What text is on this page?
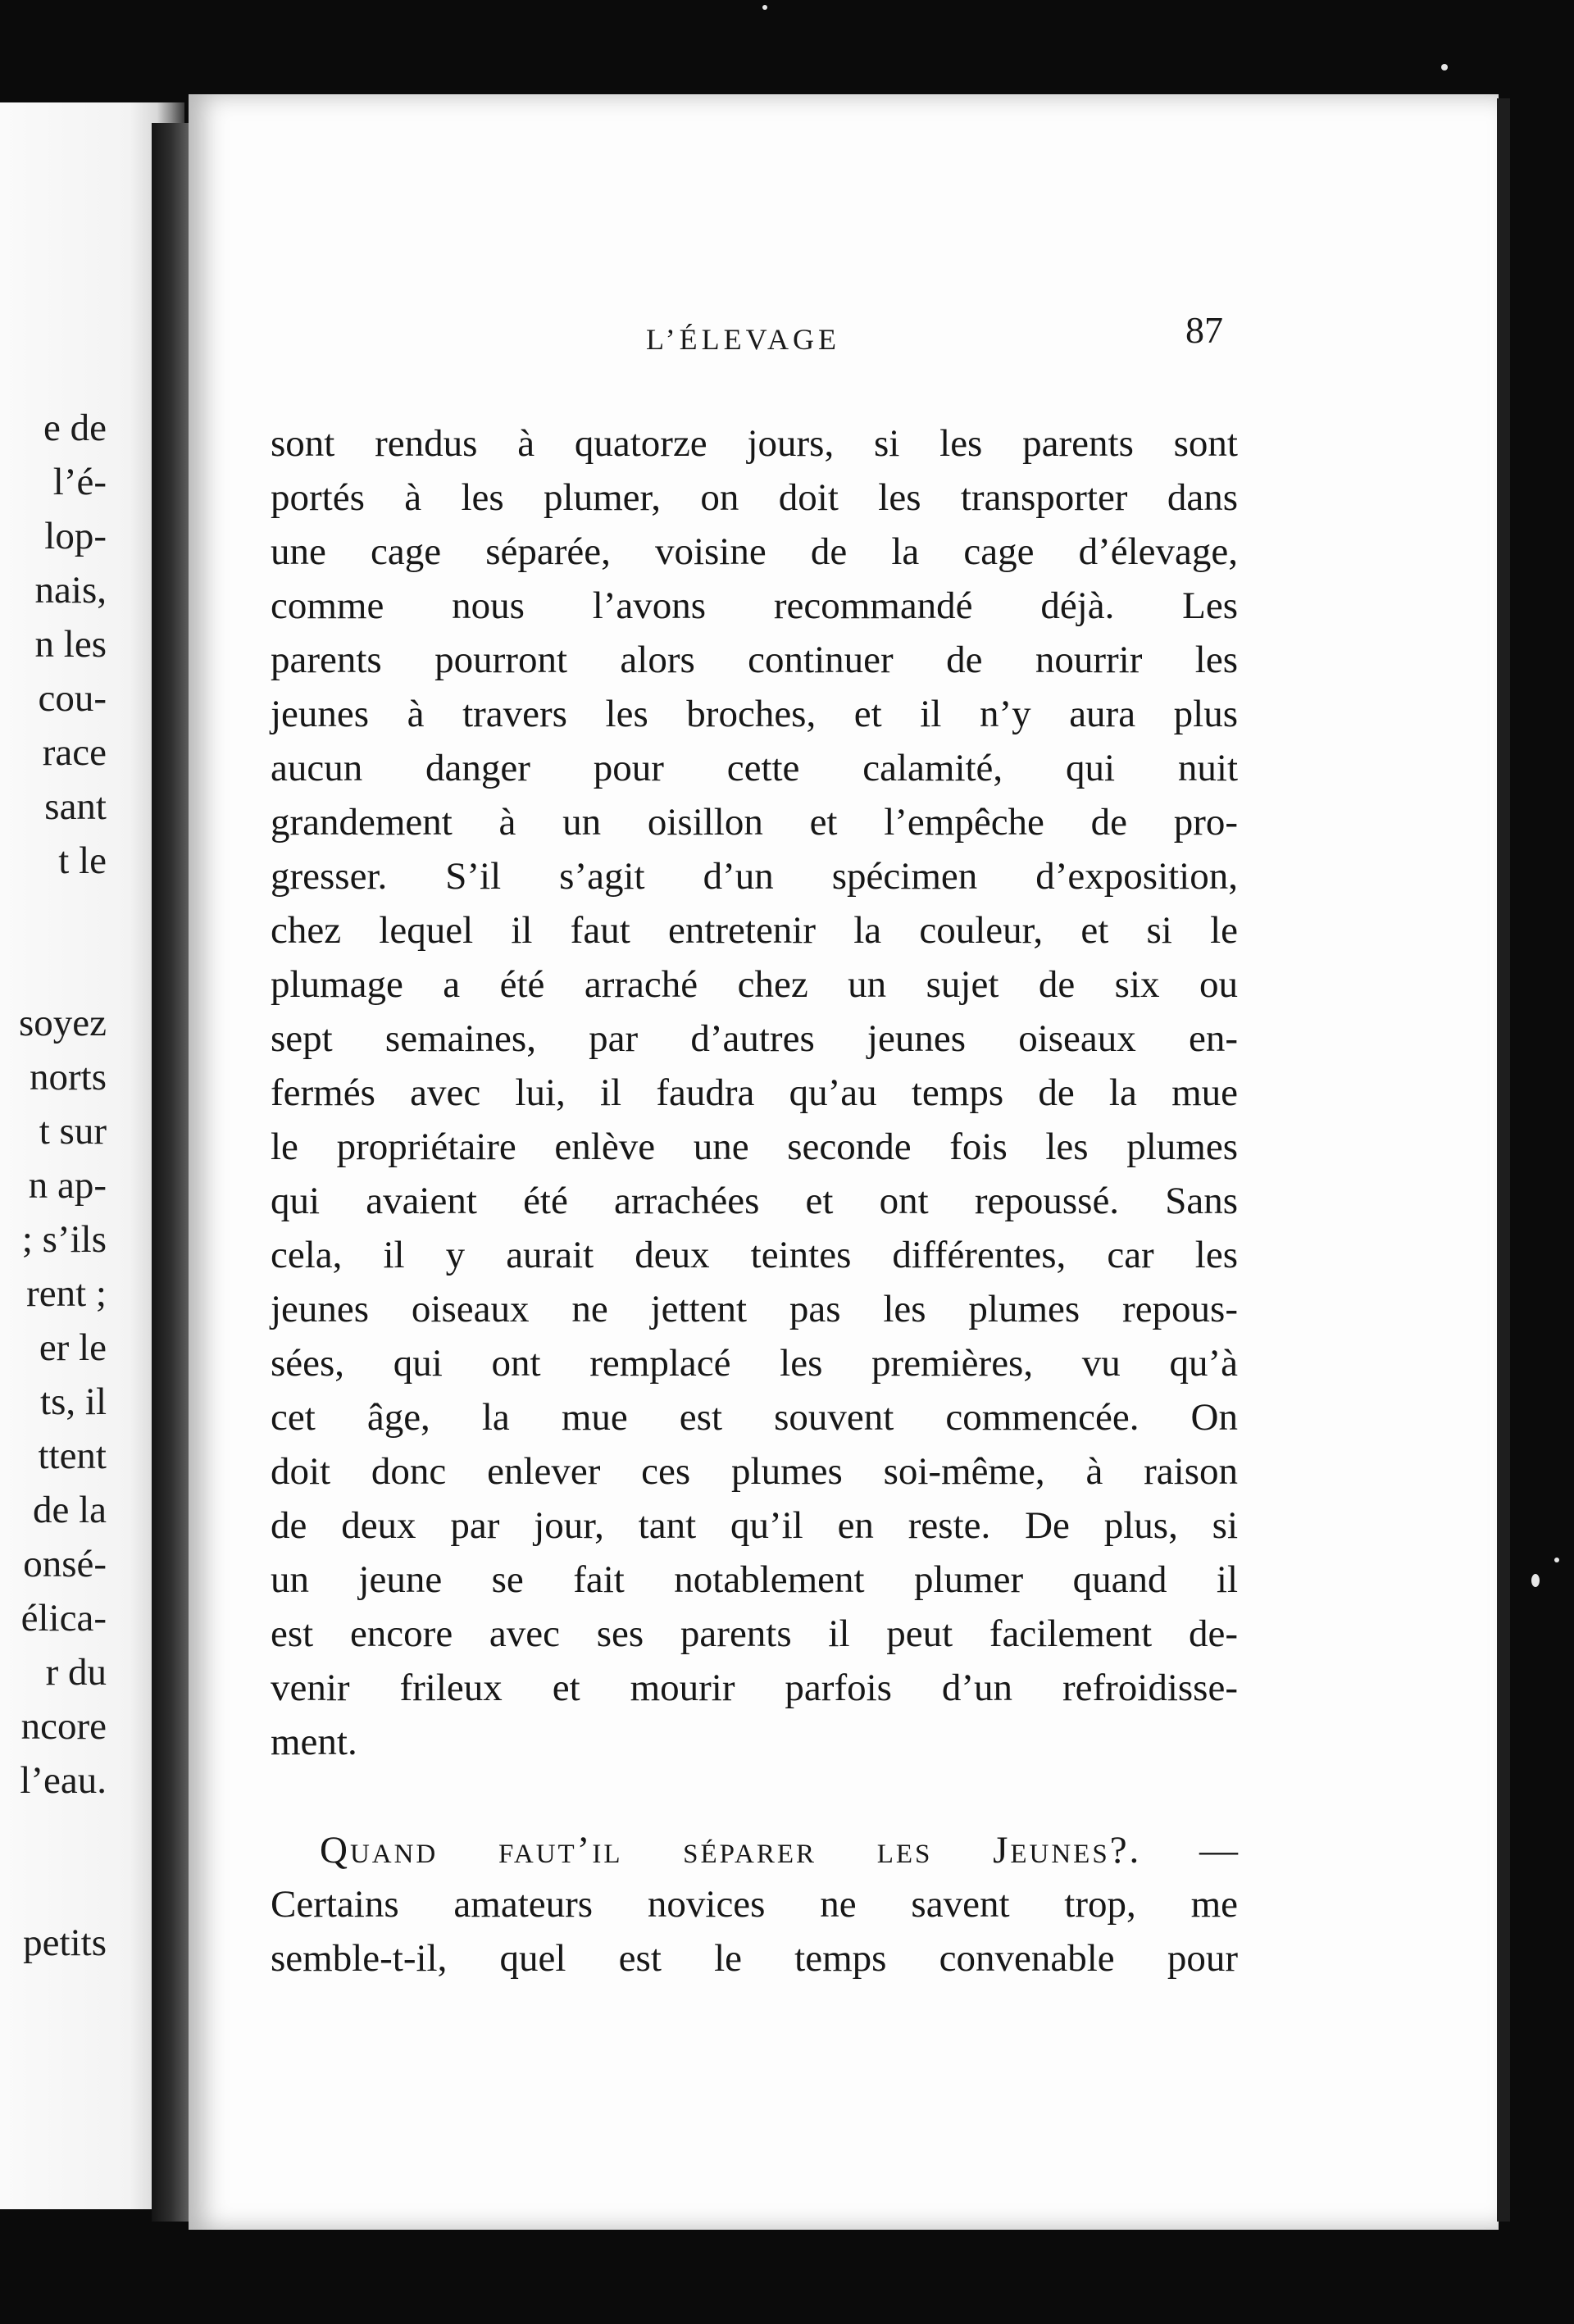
e de
l’é-
lop-
nais,
n les
cou-
race
sant
t le
soyez
norts
t sur
n ap-
; s’ils
rent ;
er le
ts, il
ttent
de la
onsé-
élica-
r du
ncore
l’eau.
petits
L’ÉLEVAGE	87
sont rendus à quatorze jours, si les parents sont
portés à les plumer, on doit les transporter dans
une cage séparée, voisine de la cage d’élevage,
comme nous l’avons recommandé déjà. Les
parents pourront alors continuer de nourrir les
jeunes à travers les broches, et il n’y aura plus
aucun danger pour cette calamité, qui nuit
grandement à un oisillon et l’empêche de pro-
gresser. S’il s’agit d’un spécimen d’exposition,
chez lequel il faut entretenir la couleur, et si le
plumage a été arraché chez un sujet de six ou
sept semaines, par d’autres jeunes oiseaux en-
fermés avec lui, il faudra qu’au temps de la mue
le propriétaire enlève une seconde fois les plumes
qui avaient été arrachées et ont repoussé. Sans
cela, il y aurait deux teintes différentes, car les
jeunes oiseaux ne jettent pas les plumes repous-
sées, qui ont remplacé les premières, vu qu’à
cet âge, la mue est souvent commencée. On
doit donc enlever ces plumes soi-même, à raison
de deux par jour, tant qu’il en reste. De plus, si
un jeune se fait notablement plumer quand il
est encore avec ses parents il peut facilement de-
venir frileux et mourir parfois d’un refroidisse-
ment.
Quand faut’il séparer les Jeunes?. —
Certains amateurs novices ne savent trop, me
semble-t-il, quel est le temps convenable pour
